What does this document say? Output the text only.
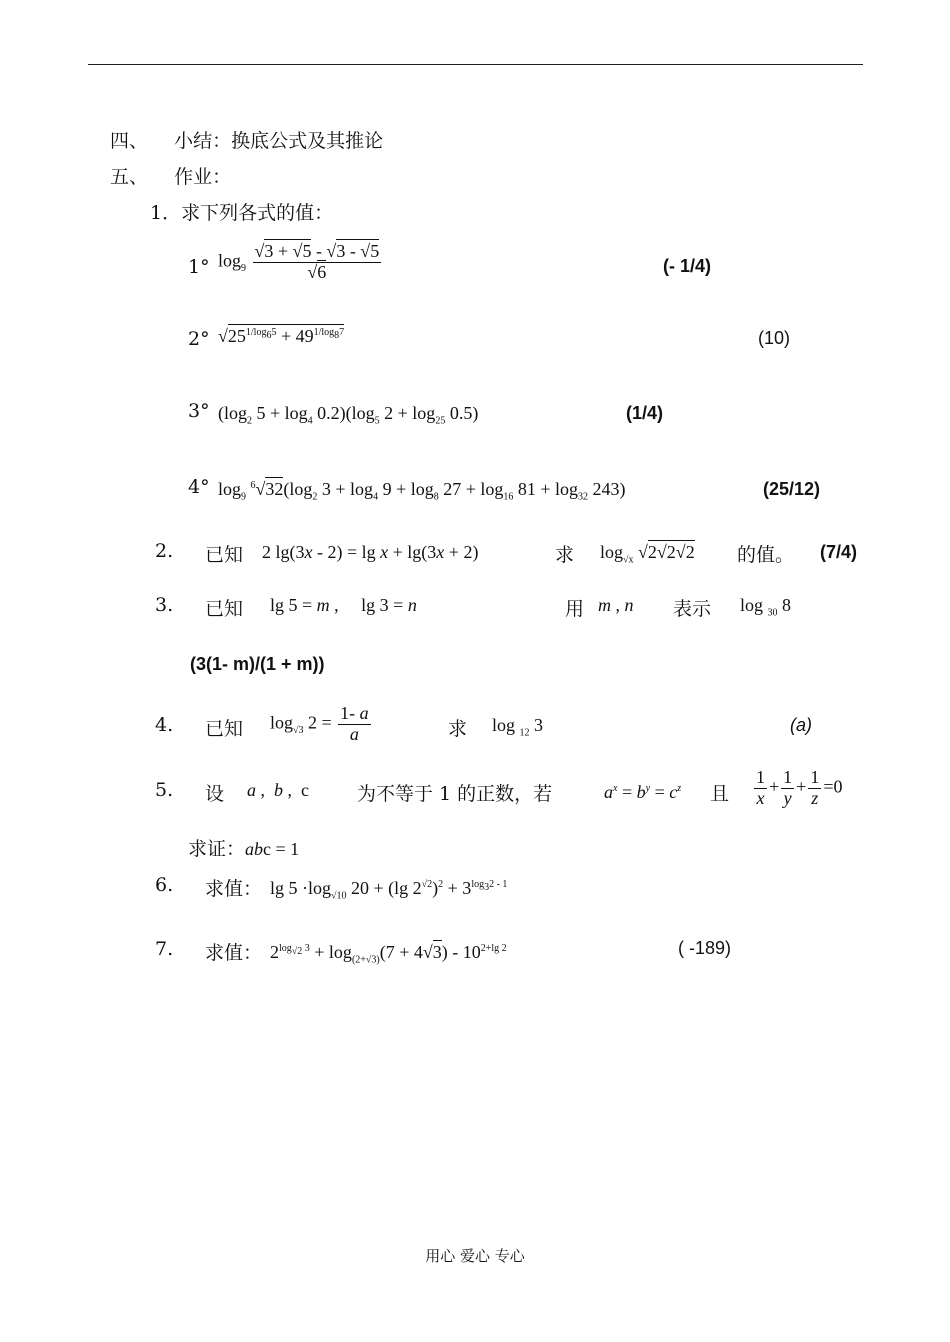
四、 小结：换底公式及其推论
五、 作业：
1．求下列各式的值：
1° $\log_9 \frac{√3 + √5 - √3 - √5}{√6}$	(- 1/4)
2° $√25^{1/log_65} + 49^{1/log_87}$	(10)
3° ($\log_2$ $5 + \log_4 0.2)(\log_5$ $2 + \log_{25} 0.5$)	(1/4)
4° $\log_9 ^6√32(\log_2$ $3 + \log_4 9 + \log_8 27 + \log_{16} 81 + \log_{32} 243$)	(25/12)
2. 已知 2 lg(3x - 2) = lg x + lg(3x + 2)	求 $\log_{√x} √2√2√2$ 的值。 (7/4)
3. 已知 lg 5 = m ,     lg 3 = n	用 m , n 表示 log $_{30}$ 8
(3(1- m)/(1 + m))
4. 已知 $\log_{√3} 2 = \frac{1- a}{a}$	求 log $_{12}$ 3	(a)
5. 设 a ,  b ,  c	为不等于 1 的正数，若	$a^x = b^y = c^z$ 且 $\frac{1}{x} + \frac{1}{y} + \frac{1}{z} =0$
求证：abc = 1
6. 求值： $\lg 5 \cdot\log_{√10}$ 20 + (lg $2^{√2})^2 + 3^{log_32 - 1}$
7. 求值： $2^{log_{√2} 3} + \log_{(2+√3)}(7 + 4√3) - 10^{2+lg 2}$	( -189)
用心 爱心 专心
